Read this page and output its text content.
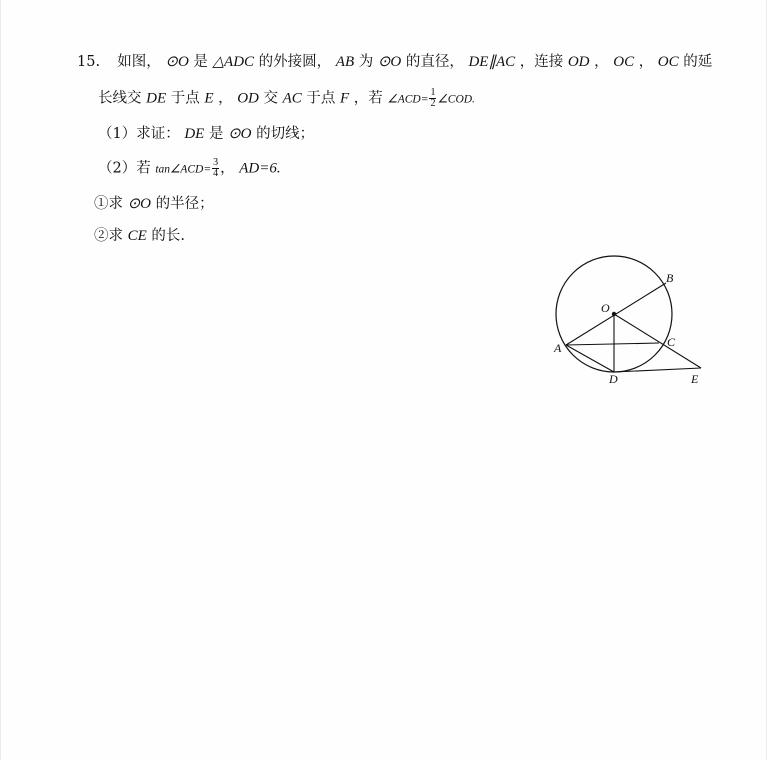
15. 如图， ⊙O 是 △ADC 的外接圆， AB 为 ⊙O 的直径， DE∥AC ，连接 OD ， OC ， OC 的延
长线交 DE 于点 E ， OD 交 AC 于点 F ，若 ∠ACD= $\frac{1}{2}$ ∠COD.
（1）求证： DE 是 ⊙O 的切线；
（2）若 tan∠ACD= $\frac{3}{4}$ ， AD=6.
①求 ⊙O 的半径；
②求 CE 的长.
O
B
A	C
D	E
